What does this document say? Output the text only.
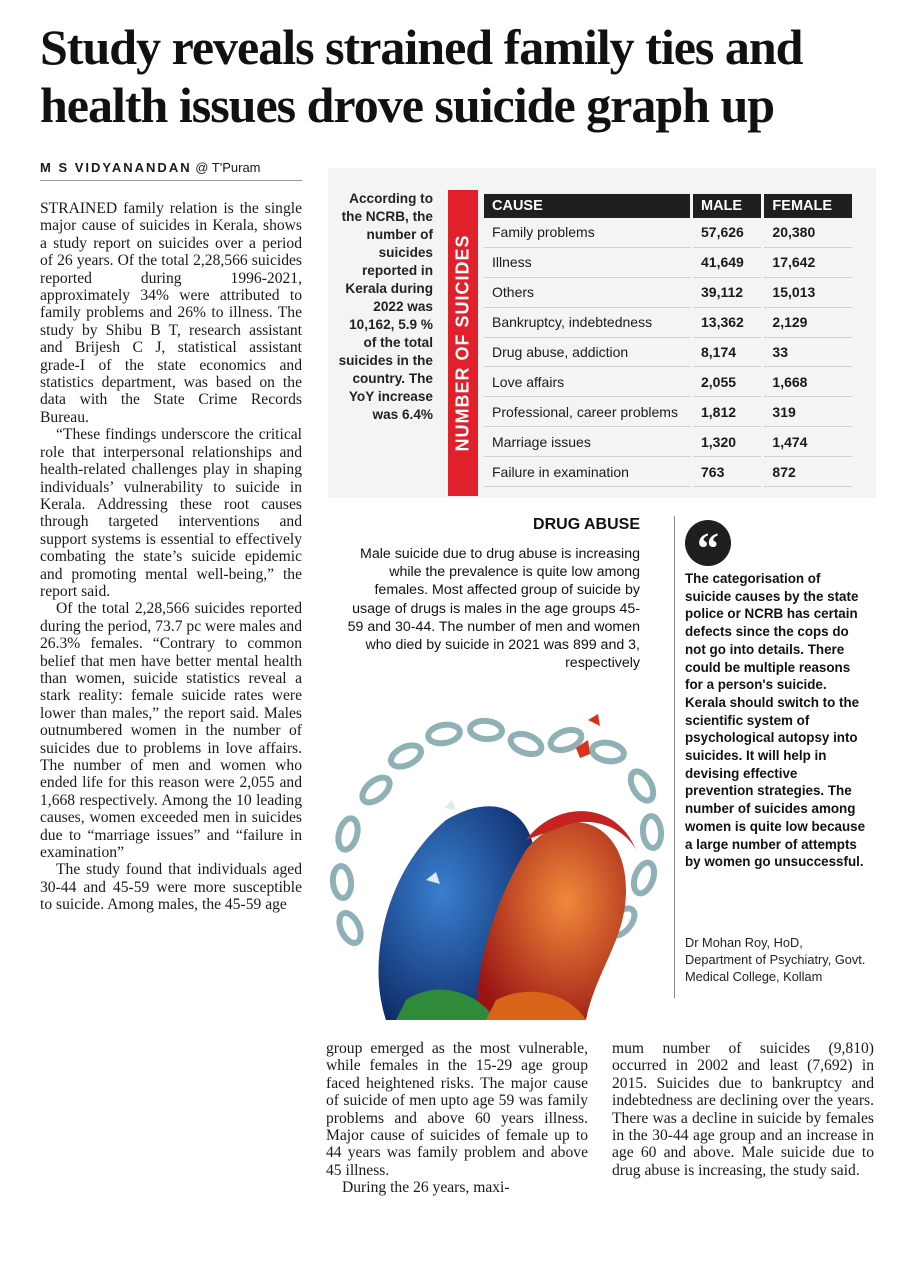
Study reveals strained family ties and health issues drove suicide graph up
M S VIDYANANDAN @ T'Puram

STRAINED family relation is the single major cause of suicides in Kerala, shows a study report on suicides over a period of 26 years. Of the total 2,28,566 suicides reported during 1996-2021, approximately 34% were attributed to family problems and 26% to illness. The study by Shibu B T, research assistant and Brijesh C J, statistical assistant grade-I of the state economics and statistics department, was based on the data with the State Crime Records Bureau.

“These findings underscore the critical role that interpersonal relationships and health-related challenges play in shaping individuals’ vulnerability to suicide in Kerala. Addressing these root causes through targeted interventions and support systems is essential to effectively combating the state’s suicide epidemic and promoting mental well-being,” the report said.

Of the total 2,28,566 suicides reported during the period, 73.7 pc were males and 26.3% females. “Contrary to common belief that men have better mental health than women, suicide statistics reveal a stark reality: female suicide rates were lower than males,” the report said. Males outnumbered women in the number of suicides due to problems in love affairs. The number of men and women who ended life for this reason were 2,055 and 1,668 respectively. Among the 10 leading causes, women exceeded men in suicides due to “marriage issues” and “failure in examination”

The study found that individuals aged 30-44 and 45-59 were more susceptible to suicide. Among males, the 45-59 age

According to the NCRB, the number of suicides reported in Kerala during 2022 was 10,162, 5.9 % of the total suicides in the country. The YoY increase was 6.4% NUMBER OF SUICIDES
CAUSE	MALE	FEMALE
Family problems	57,626	20,380
Illness	41,649	17,642
Others	39,112	15,013
Bankruptcy, indebtedness	13,362	2,129
Drug abuse, addiction	8,174	33
Love affairs	2,055	1,668
Professional, career problems	1,812	319
Marriage issues	1,320	1,474
Failure in examination	763	872
DRUG ABUSE

Male suicide due to drug abuse is increasing while the prevalence is quite low among females. Most affected group of suicide by usage of drugs is males in the age groups 45-59 and 30-44. The number of men and women who died by suicide in 2021 was 899 and 3, respectively

“

The categorisation of suicide causes by the state police or NCRB has certain defects since the cops do not go into details. There could be multiple reasons for a person's suicide. Kerala should switch to the scientific system of psychological autopsy into suicides. It will help in devising effective prevention strategies. The number of suicides among women is quite low because a large number of attempts by women go unsuccessful.

Dr Mohan Roy, HoD, Department of Psychiatry, Govt. Medical College, Kollam

group emerged as the most vulnerable, while females in the 15-29 age group faced heightened risks. The major cause of suicide of men upto age 59 was family problems and above 60 years illness. Major cause of suicides of female up to 44 years was family problem and above 45 illness.

During the 26 years, maxi-

mum number of suicides (9,810) occurred in 2002 and least (7,692) in 2015. Suicides due to bankruptcy and indebtedness are declining over the years. There was a decline in suicide by females in the 30-44 age group and an increase in age 60 and above. Male suicide due to drug abuse is increasing, the study said.
